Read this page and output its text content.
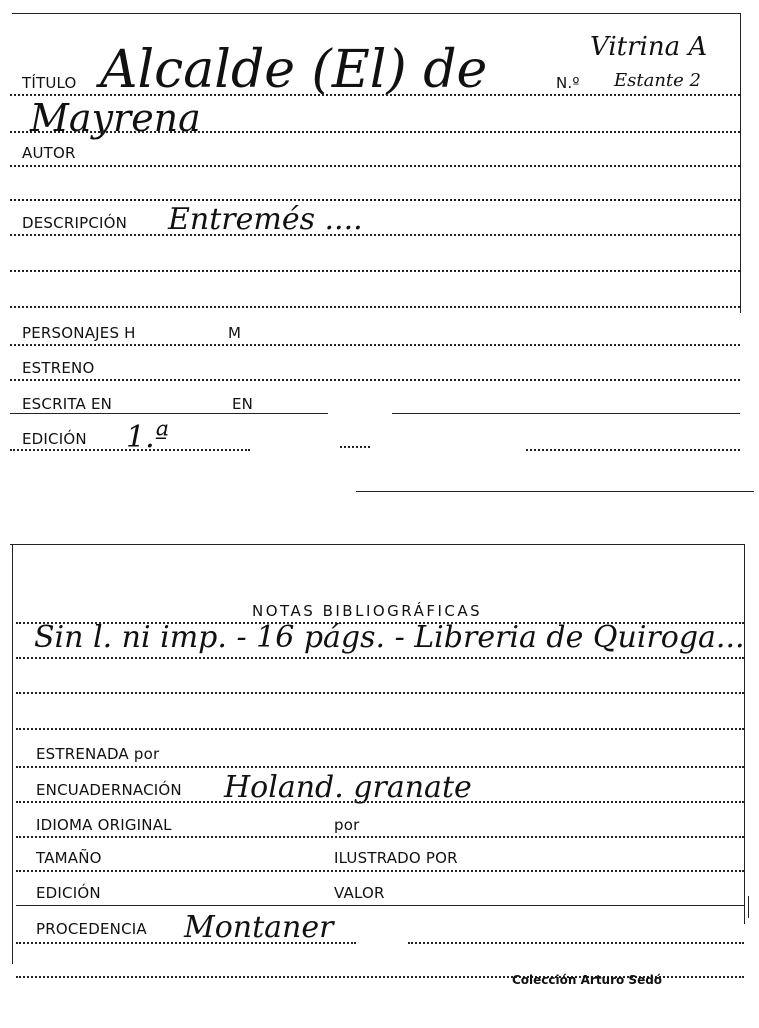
TÍTULO Alcalde (El) de	N.º
Vitrina A
Estante 2
Mayrena
AUTOR
DESCRIPCIÓN Entremés ....
PERSONAJES H	M
ESTRENO
ESCRITA EN	EN
EDICIÓN 1.ª
NOTAS BIBLIOGRÁFICAS
Sin l. ni imp. - 16 págs. - Libreria de Quiroga...
ESTRENADA por
ENCUADERNACIÓN Holand. granate
IDIOMA ORIGINAL	por
TAMAÑO	ILUSTRADO POR
EDICIÓN	VALOR
PROCEDENCIA Montaner
Colección Arturo Sedó
